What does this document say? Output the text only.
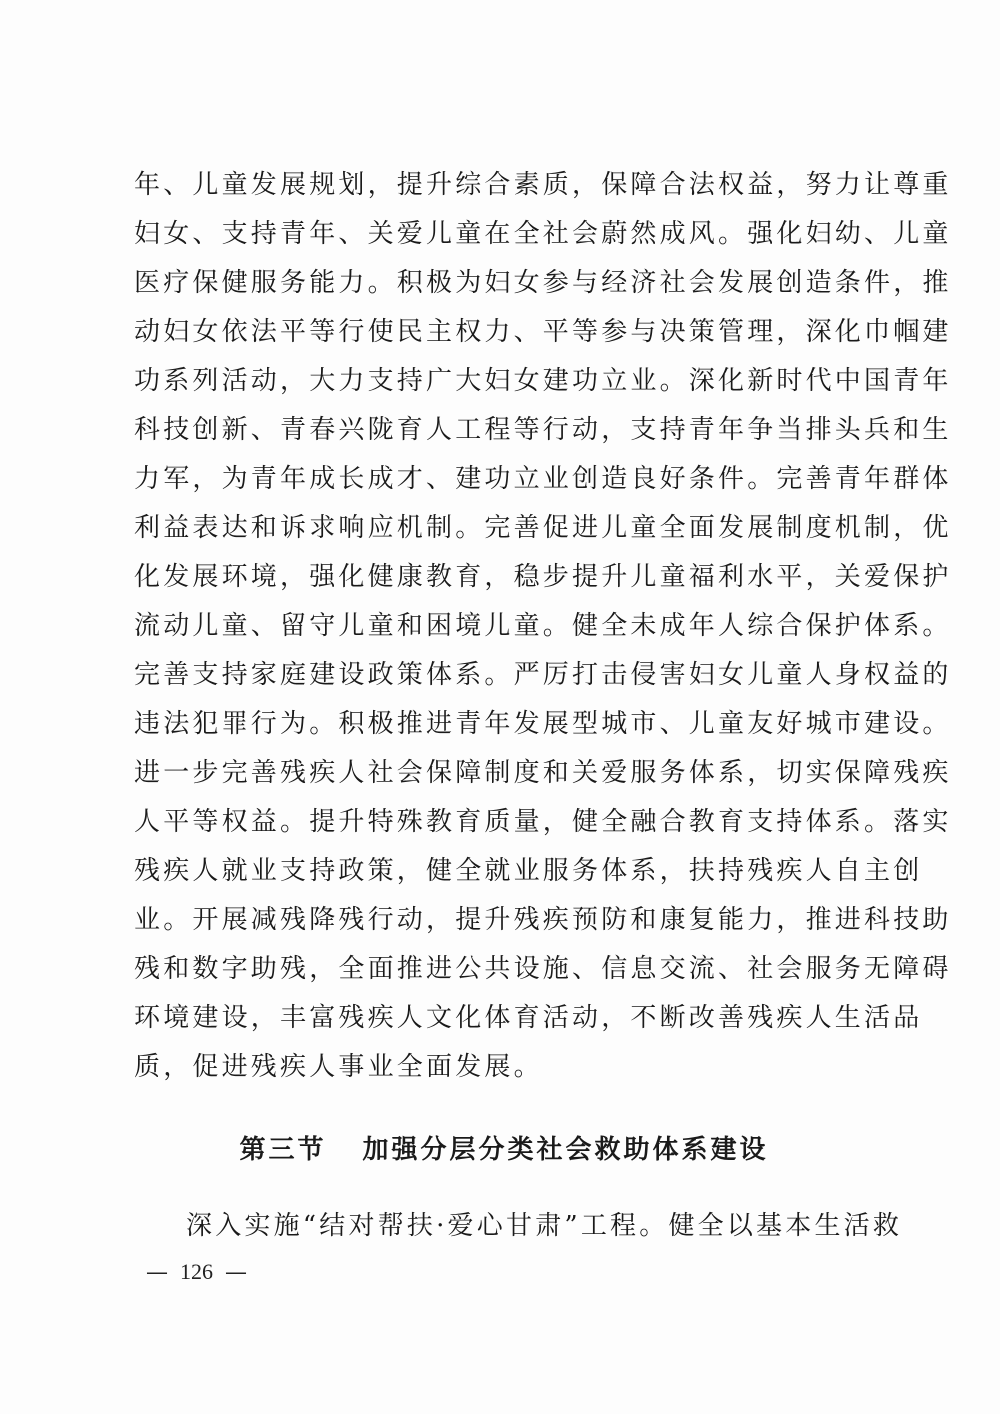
年、儿童发展规划，提升综合素质，保障合法权益，努力让尊重
妇女、支持青年、关爱儿童在全社会蔚然成风。强化妇幼、儿童
医疗保健服务能力。积极为妇女参与经济社会发展创造条件，推
动妇女依法平等行使民主权力、平等参与决策管理，深化巾帼建
功系列活动，大力支持广大妇女建功立业。深化新时代中国青年
科技创新、青春兴陇育人工程等行动，支持青年争当排头兵和生
力军，为青年成长成才、建功立业创造良好条件。完善青年群体
利益表达和诉求响应机制。完善促进儿童全面发展制度机制，优
化发展环境，强化健康教育，稳步提升儿童福利水平，关爱保护
流动儿童、留守儿童和困境儿童。健全未成年人综合保护体系。
完善支持家庭建设政策体系。严厉打击侵害妇女儿童人身权益的
违法犯罪行为。积极推进青年发展型城市、儿童友好城市建设。
进一步完善残疾人社会保障制度和关爱服务体系，切实保障残疾
人平等权益。提升特殊教育质量，健全融合教育支持体系。落实
残疾人就业支持政策，健全就业服务体系，扶持残疾人自主创
业。开展减残降残行动，提升残疾预防和康复能力，推进科技助
残和数字助残，全面推进公共设施、信息交流、社会服务无障碍
环境建设，丰富残疾人文化体育活动，不断改善残疾人生活品
质，促进残疾人事业全面发展。
第三节 加强分层分类社会救助体系建设
深入实施“结对帮扶·爱心甘肃”工程。健全以基本生活救
— 126 —
